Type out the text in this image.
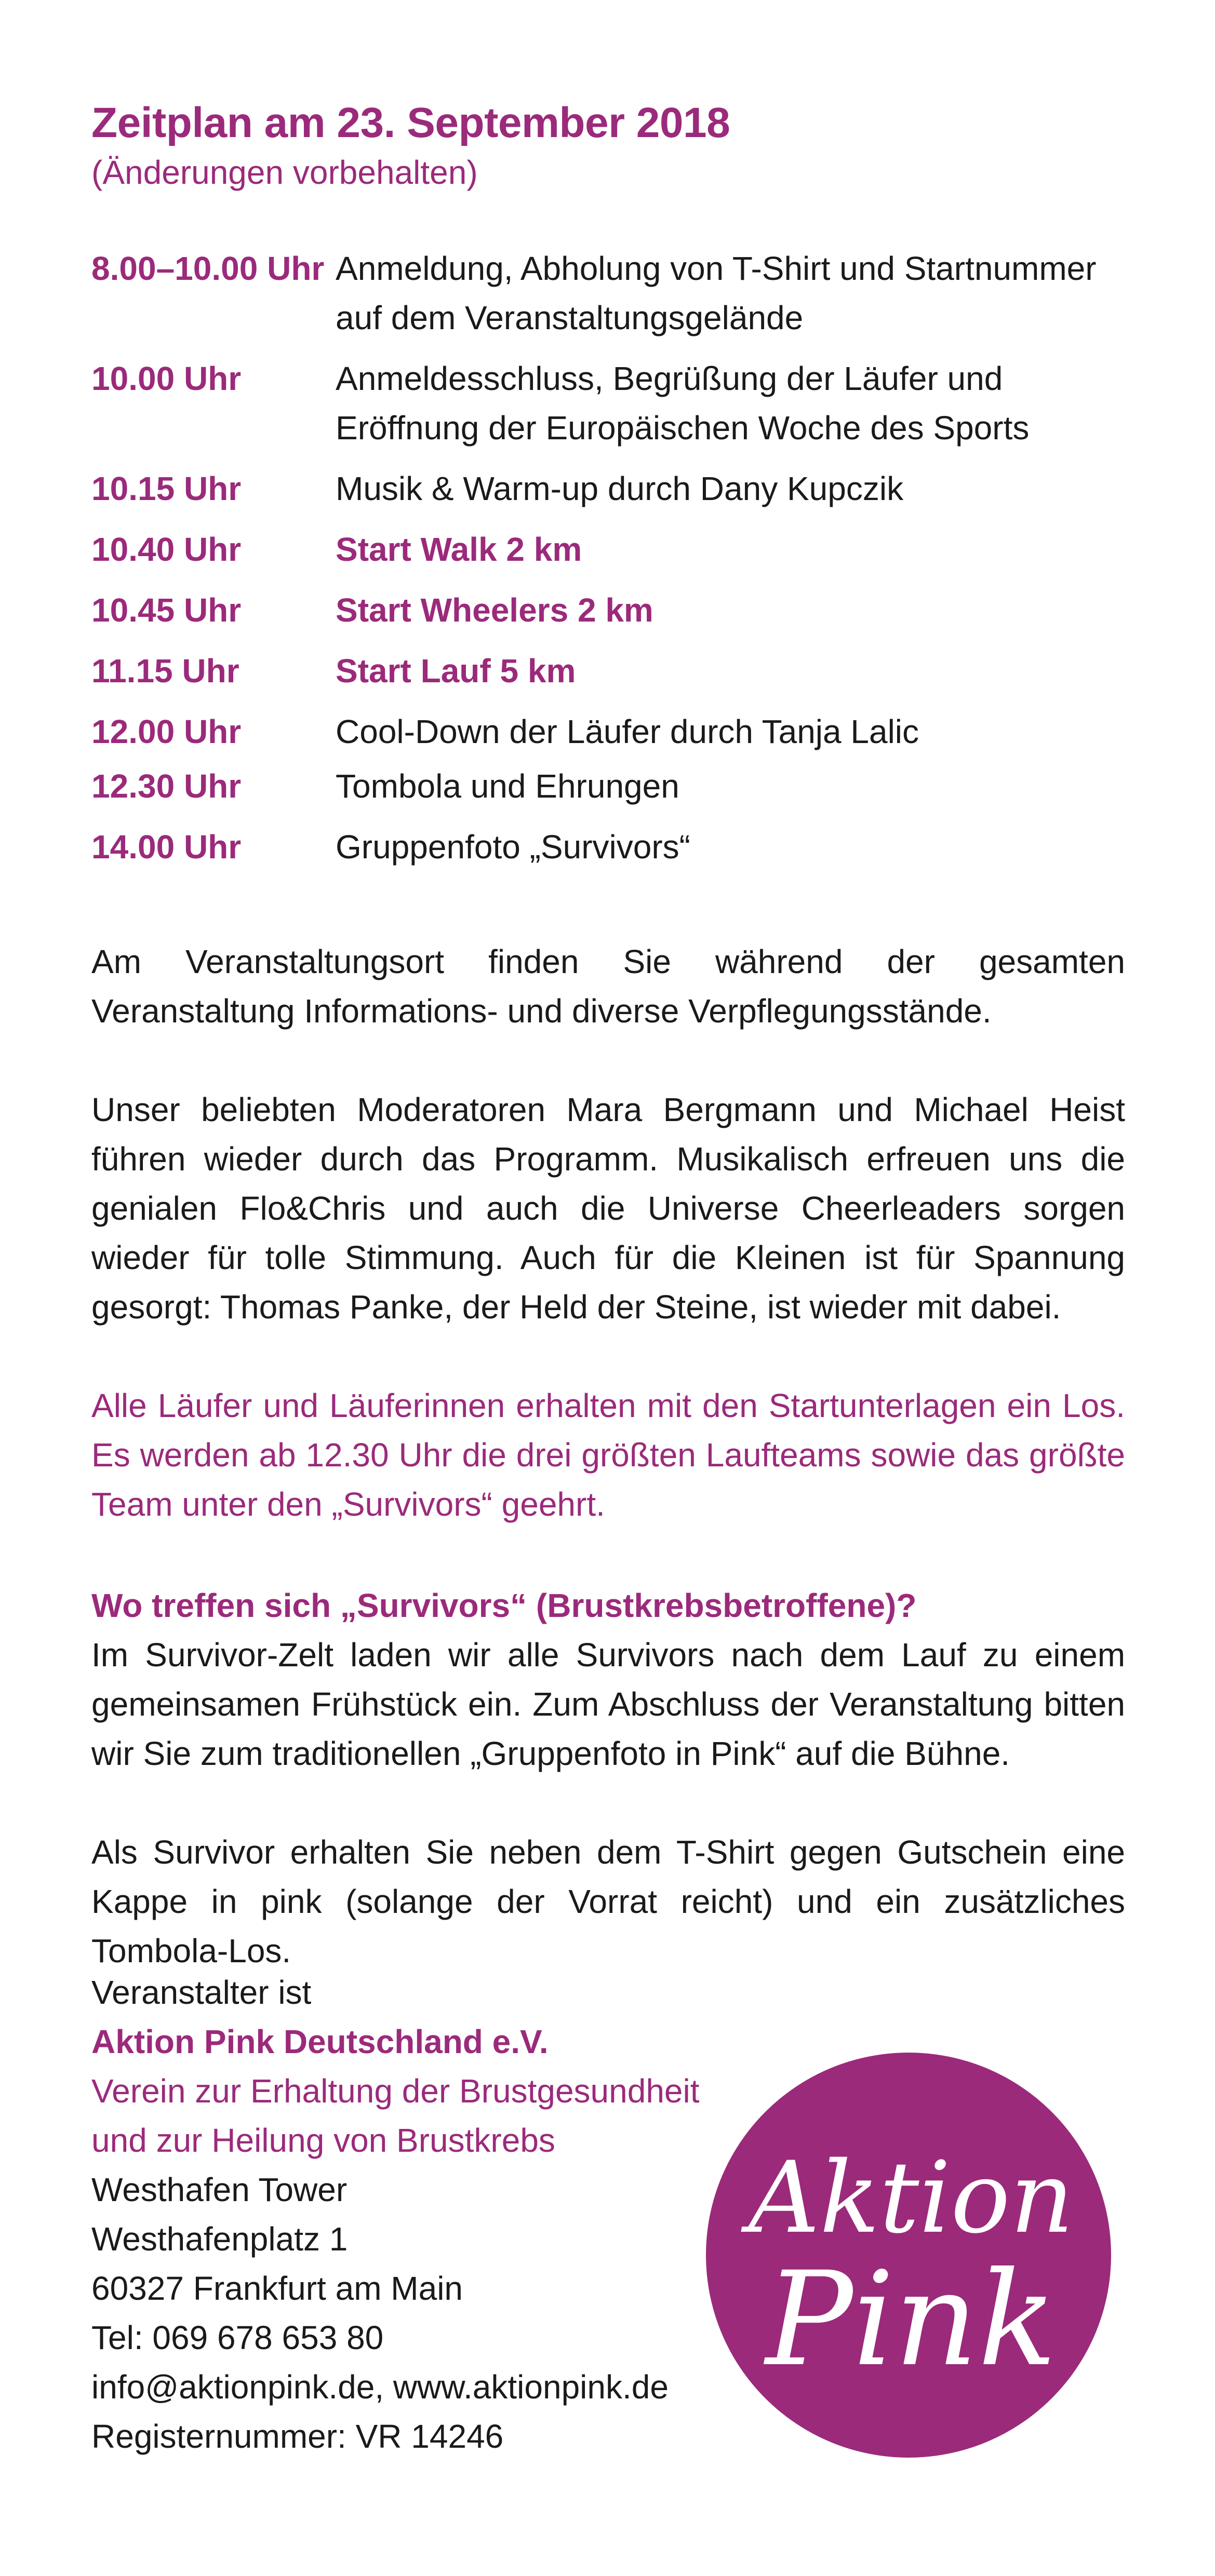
Zeitplan am 23. September 2018
(Änderungen vorbehalten)
8.00–10.00 Uhr Anmeldung, Abholung von T-Shirt und Startnummer
auf dem Veranstaltungsgelände
10.00 Uhr	Anmeldesschluss, Begrüßung der Läufer und
Eröffnung der Europäischen Woche des Sports
10.15 Uhr	Musik & Warm-up durch Dany Kupczik
10.40 Uhr	Start Walk 2 km
10.45 Uhr	Start Wheelers 2 km
11.15 Uhr	Start Lauf 5 km
12.00 Uhr	Cool-Down der Läufer durch Tanja Lalic
12.30 Uhr	Tombola und Ehrungen
14.00 Uhr	Gruppenfoto „Survivors“
Am Veranstaltungsort finden Sie während der gesamten Veranstaltung Informations- und diverse Verpflegungsstände.
Unser beliebten Moderatoren Mara Bergmann und Michael Heist führen wieder durch das Programm. Musikalisch erfreuen uns die genialen Flo&Chris und auch die Universe Cheerleaders sorgen wieder für tolle Stimmung. Auch für die Kleinen ist für Spannung gesorgt: Thomas Panke, der Held der Steine, ist wieder mit dabei.
Alle Läufer und Läuferinnen erhalten mit den Startunterlagen ein Los. Es werden ab 12.30 Uhr die drei größten Laufteams sowie das größte Team unter den „Survivors“ geehrt.
Wo treffen sich „Survivors“ (Brustkrebsbetroffene)?
Im Survivor-Zelt laden wir alle Survivors nach dem Lauf zu einem gemeinsamen Frühstück ein. Zum Abschluss der Veranstaltung bitten wir Sie zum traditionellen „Gruppenfoto in Pink“ auf die Bühne.
Als Survivor erhalten Sie neben dem T-Shirt gegen Gutschein eine Kappe in pink (solange der Vorrat reicht) und ein zusätzliches Tombola-Los.
Veranstalter ist
Aktion Pink Deutschland e.V.
Verein zur Erhaltung der Brustgesundheit
und zur Heilung von Brustkrebs
Westhafen Tower
Westhafenplatz 1
60327 Frankfurt am Main
Tel: 069 678 653 80
info@aktionpink.de, www.aktionpink.de
Registernummer: VR 14246
Aktion
Pink
